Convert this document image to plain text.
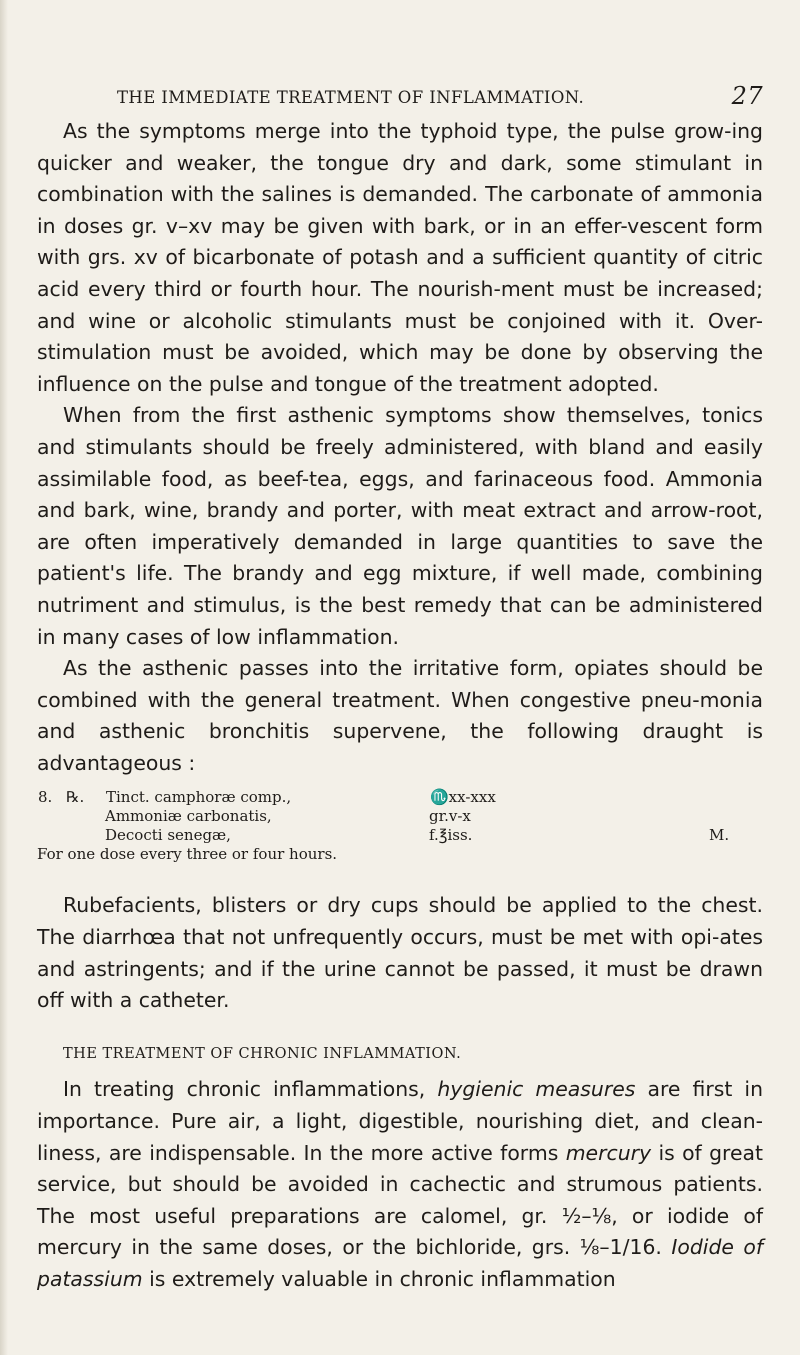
THE IMMEDIATE TREATMENT OF INFLAMMATION.	27

As the symptoms merge into the typhoid type, the pulse grow-ing quicker and weaker, the tongue dry and dark, some stimulant in combination with the salines is demanded. The carbonate of ammonia in doses gr. v–xv may be given with bark, or in an effer-vescent form with grs. xv of bicarbonate of potash and a sufficient quantity of citric acid every third or fourth hour. The nourish-ment must be increased; and wine or alcoholic stimulants must be conjoined with it. Over-stimulation must be avoided, which may be done by observing the influence on the pulse and tongue of the treatment adopted.

When from the first asthenic symptoms show themselves, tonics and stimulants should be freely administered, with bland and easily assimilable food, as beef-tea, eggs, and farinaceous food. Ammonia and bark, wine, brandy and porter, with meat extract and arrow-root, are often imperatively demanded in large quantities to save the patient's life. The brandy and egg mixture, if well made, combining nutriment and stimulus, is the best remedy that can be administered in many cases of low inflammation.

As the asthenic passes into the irritative form, opiates should be combined with the general treatment. When congestive pneu-monia and asthenic bronchitis supervene, the following draught is advantageous :

8. ℞.	Tinct. camphoræ comp.,	♏xx-xxx
Ammoniæ carbonatis,	gr.v-x
Decocti senegæ,	f.℥iss.	M.
For one dose every three or four hours.

Rubefacients, blisters or dry cups should be applied to the chest. The diarrhœa that not unfrequently occurs, must be met with opi-ates and astringents; and if the urine cannot be passed, it must be drawn off with a catheter.

THE TREATMENT OF CHRONIC INFLAMMATION.

In treating chronic inflammations, hygienic measures are first in importance. Pure air, a light, digestible, nourishing diet, and clean-liness, are indispensable. In the more active forms mercury is of great service, but should be avoided in cachectic and strumous patients. The most useful preparations are calomel, gr. ½–⅛, or iodide of mercury in the same doses, or the bichloride, grs. ⅛–1/16. Iodide of patassium is extremely valuable in chronic inflammation
